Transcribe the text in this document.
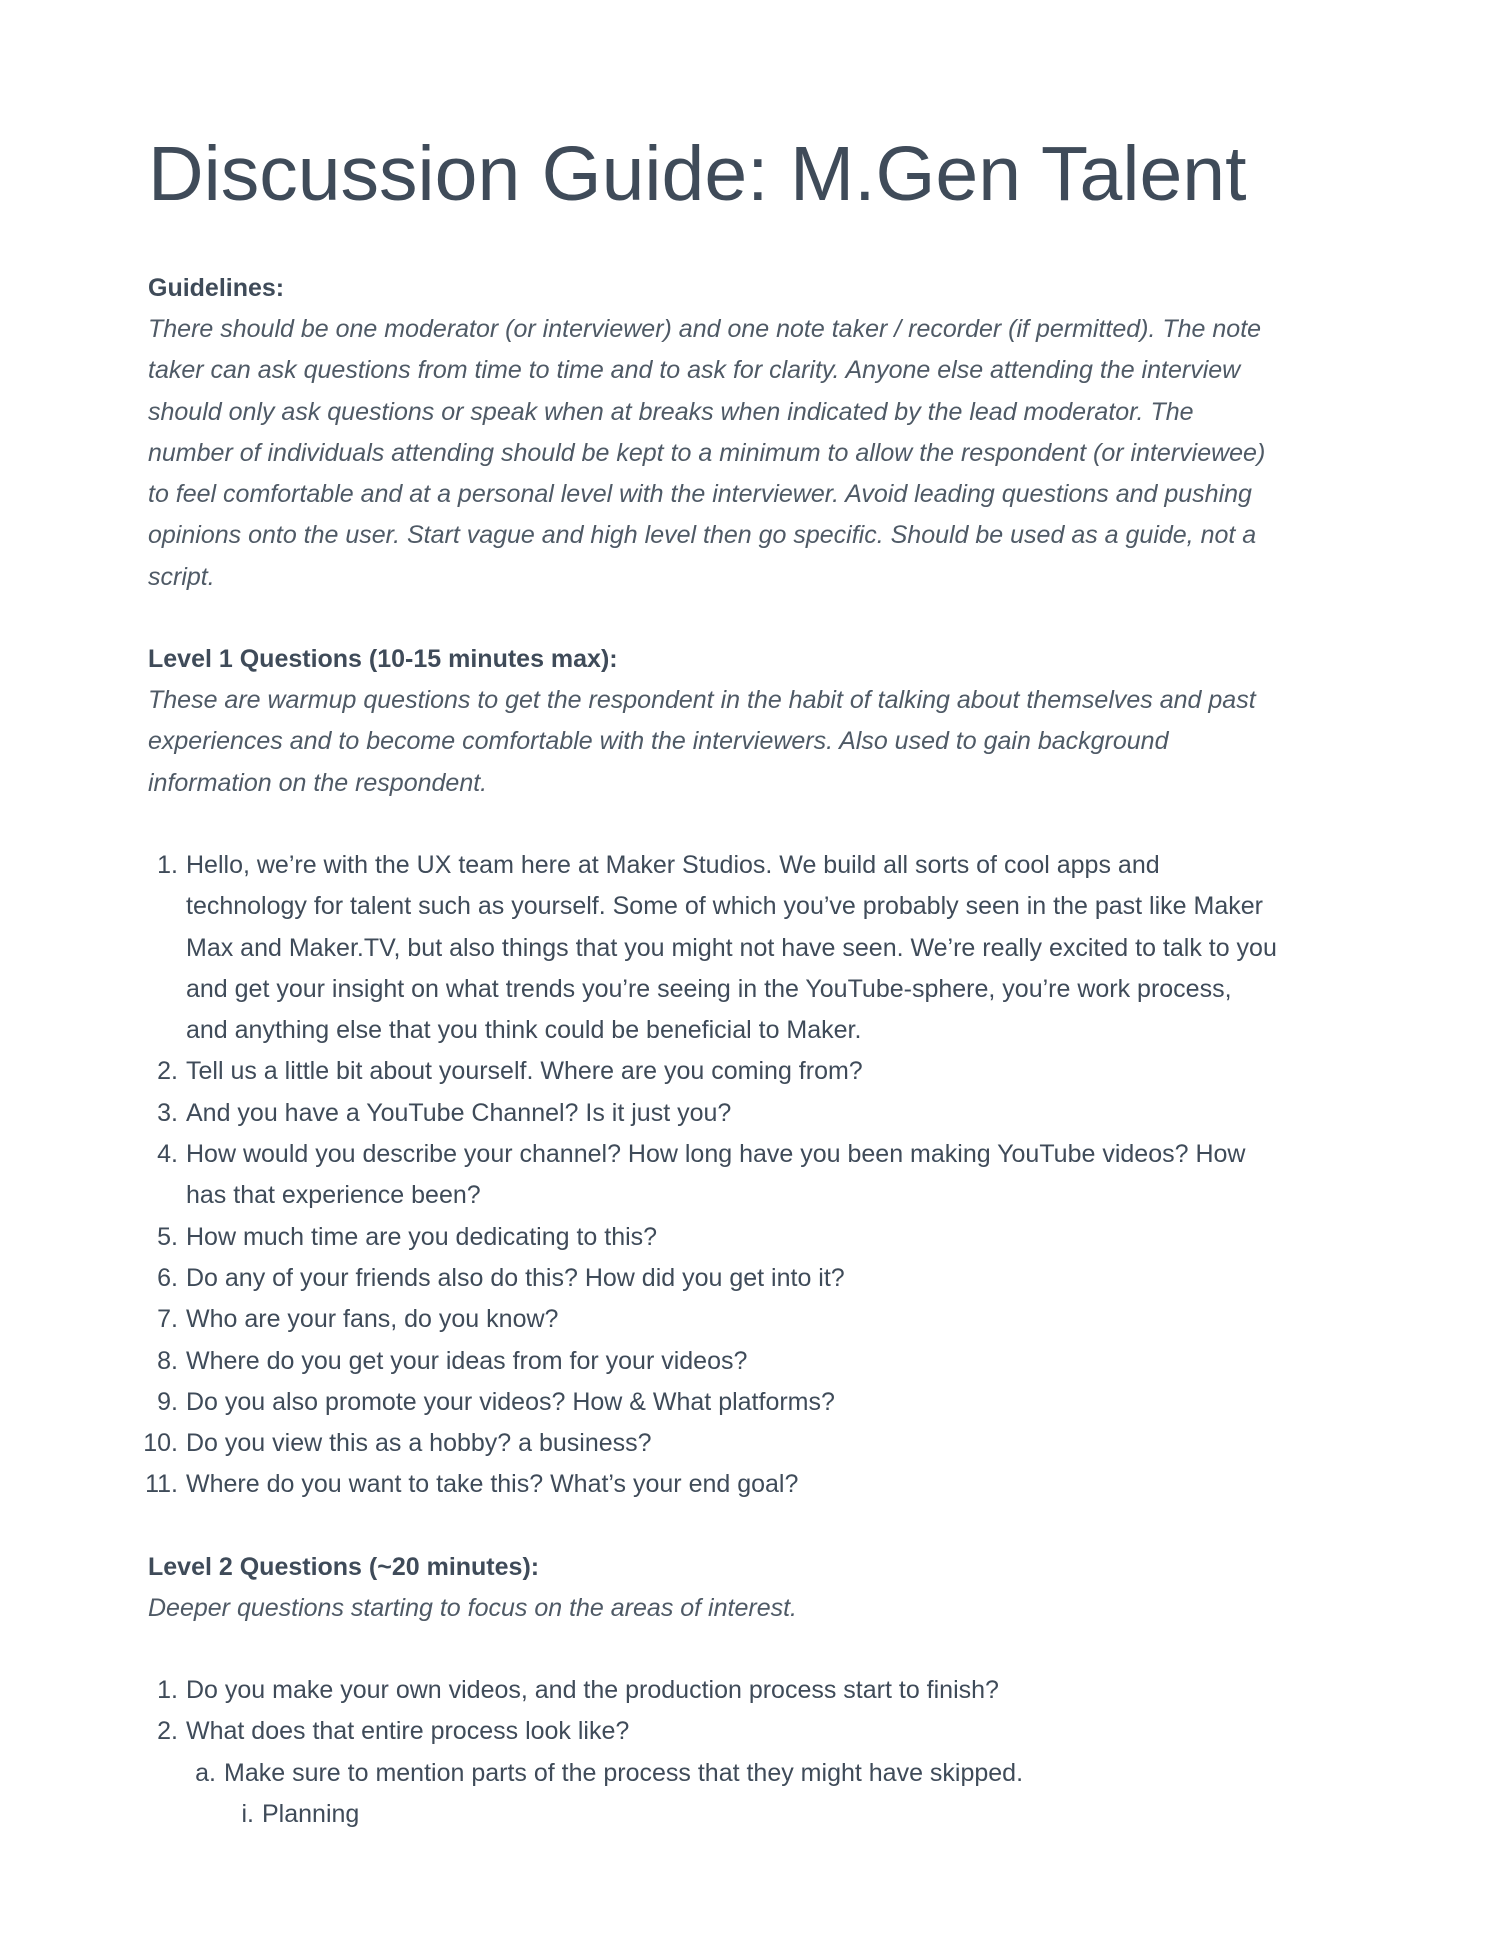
Discussion Guide: M.Gen Talent

Guidelines:

There should be one moderator (or interviewer) and one note taker / recorder (if permitted). The note taker can ask questions from time to time and to ask for clarity. Anyone else attending the interview should only ask questions or speak when at breaks when indicated by the lead moderator. The number of individuals attending should be kept to a minimum to allow the respondent (or interviewee) to feel comfortable and at a personal level with the interviewer. Avoid leading questions and pushing opinions onto the user. Start vague and high level then go specific. Should be used as a guide, not a script.

Level 1 Questions (10-15 minutes max):

These are warmup questions to get the respondent in the habit of talking about themselves and past experiences and to become comfortable with the interviewers. Also used to gain background information on the respondent.

1. Hello, we’re with the UX team here at Maker Studios. We build all sorts of cool apps and technology for talent such as yourself. Some of which you’ve probably seen in the past like Maker Max and Maker.TV, but also things that you might not have seen. We’re really excited to talk to you and get your insight on what trends you’re seeing in the YouTube-sphere, you’re work process, and anything else that you think could be beneficial to Maker.
2. Tell us a little bit about yourself. Where are you coming from?
3. And you have a YouTube Channel? Is it just you?
4. How would you describe your channel? How long have you been making YouTube videos? How has that experience been?
5. How much time are you dedicating to this?
6. Do any of your friends also do this? How did you get into it?
7. Who are your fans, do you know?
8. Where do you get your ideas from for your videos?
9. Do you also promote your videos? How & What platforms?
10. Do you view this as a hobby? a business?
11. Where do you want to take this? What’s your end goal?

Level 2 Questions (~20 minutes):

Deeper questions starting to focus on the areas of interest.

1. Do you make your own videos, and the production process start to finish?
2. What does that entire process look like?
a. Make sure to mention parts of the process that they might have skipped.
i. Planning
